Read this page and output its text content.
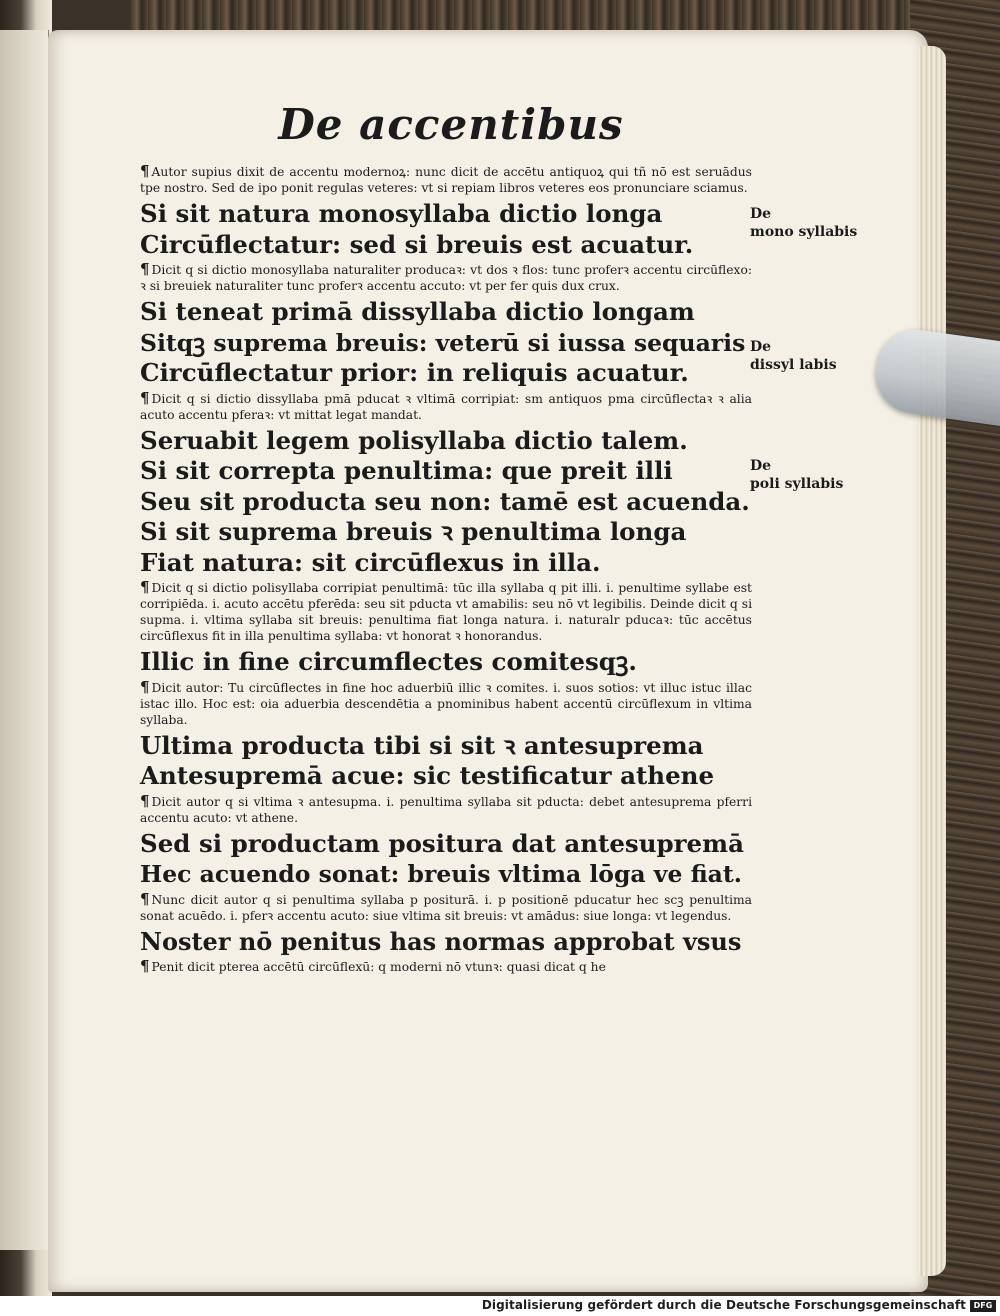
De accentibus
¶ Autor supius dixit de accentu modernoꝝ: nunc dicit de accētu antiquoꝝ qui tñ nō est seruādus tpe nostro. Sed de ipo ponit regulas veteres: vt si repiam libros veteres eos pronunciare sciamus.
Si sit natura monosyllaba dictio longa
Circūflectatur: sed si breuis est acuatur.
¶ Dicit q si dictio monosyllaba naturaliter producaꝛ: vt dos ꝛ flos: tunc proferꝛ accentu circūflexo: ꝛ si breuiek naturaliter tunc proferꝛ accentu accuto: vt per fer quis dux crux.
Si teneat primā dissyllaba dictio longam
Sitqꝫ suprema breuis: veterū si iussa sequaris
Circūflectatur prior: in reliquis acuatur.
¶ Dicit q si dictio dissyllaba pmā pducat ꝛ vltimā corripiat: sm antiquos pma circūflectaꝛ ꝛ alia acuto accentu pferaꝛ: vt mittat legat mandat.
Seruabit legem polisyllaba dictio talem.
Si sit correpta penultima: que preit illi
Seu sit producta seu non: tamē est acuenda.
Si sit suprema breuis ꝛ penultima longa
Fiat natura: sit circūflexus in illa.
¶ Dicit q si dictio polisyllaba corripiat penultimā: tūc illa syllaba q pit illi. i. penultime syllabe est corripiēda. i. acuto accētu pferēda: seu sit pducta vt amabilis: seu nō vt legibilis. Deinde dicit q si supma. i. vltima syllaba sit breuis: penultima fiat longa natura. i. naturalr pducaꝛ: tūc accētus circūflexus fit in illa penultima syllaba: vt honorat ꝛ honorandus.
Illic in fine circumflectes comitesqꝫ.
¶ Dicit autor: Tu circūflectes in fine hoc aduerbiū illic ꝛ comites. i. suos sotios: vt illuc istuc illac istac illo. Hoc est: oia aduerbia descendētia a pnominibus habent accentū circūflexum in vltima syllaba.
Ultima producta tibi si sit ꝛ antesuprema
Antesupremā acue: sic testificatur athene
¶ Dicit autor q si vltima ꝛ antesupma. i. penultima syllaba sit pducta: debet antesuprema pferri accentu acuto: vt athene.
Sed si productam positura dat antesupremā
Hec acuendo sonat: breuis vltima lōga ve fiat.
¶ Nunc dicit autor q si penultima syllaba p positurā. i. p positionē pducatur hec scꝫ penultima sonat acuēdo. i. pferꝛ accentu acuto: siue vltima sit breuis: vt amādus: siue longa: vt legendus.
Noster nō penitus has normas approbat vsus
¶ Penit dicit pterea accētū circūflexū: q moderni nō vtunꝛ: quasi dicat q he
De
mono syllabis
De
dissyl labis
De
poli syllabis
Digitalisierung gefördert durch die Deutsche Forschungsgemeinschaft DFG
